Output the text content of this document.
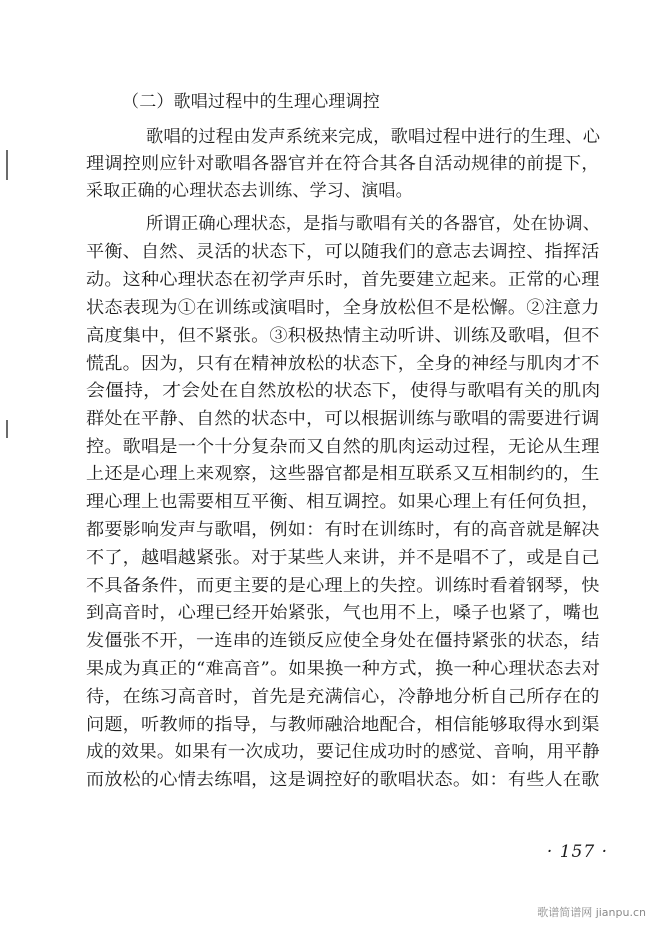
（二）歌唱过程中的生理心理调控
歌唱的过程由发声系统来完成，歌唱过程中进行的生理、心
理调控则应针对歌唱各器官并在符合其各自活动规律的前提下，
采取正确的心理状态去训练、学习、演唱。
所谓正确心理状态，是指与歌唱有关的各器官，处在协调、
平衡、自然、灵活的状态下，可以随我们的意志去调控、指挥活
动。这种心理状态在初学声乐时，首先要建立起来。正常的心理
状态表现为①在训练或演唱时，全身放松但不是松懈。②注意力
高度集中，但不紧张。③积极热情主动听讲、训练及歌唱，但不
慌乱。因为，只有在精神放松的状态下，全身的神经与肌肉才不
会僵持，才会处在自然放松的状态下，使得与歌唱有关的肌肉
群处在平静、自然的状态中，可以根据训练与歌唱的需要进行调
控。歌唱是一个十分复杂而又自然的肌肉运动过程，无论从生理
上还是心理上来观察，这些器官都是相互联系又互相制约的，生
理心理上也需要相互平衡、相互调控。如果心理上有任何负担，
都要影响发声与歌唱，例如：有时在训练时，有的高音就是解决
不了，越唱越紧张。对于某些人来讲，并不是唱不了，或是自己
不具备条件，而更主要的是心理上的失控。训练时看着钢琴，快
到高音时，心理已经开始紧张，气也用不上，嗓子也紧了，嘴也
发僵张不开，一连串的连锁反应使全身处在僵持紧张的状态，结
果成为真正的“难高音”。如果换一种方式，换一种心理状态去对
待，在练习高音时，首先是充满信心，冷静地分析自己所存在的
问题，听教师的指导，与教师融洽地配合，相信能够取得水到渠
成的效果。如果有一次成功，要记住成功时的感觉、音响，用平静
而放松的心情去练唱，这是调控好的歌唱状态。如：有些人在歌
· 157 ·
歌谱简谱网 jianpu.cn
